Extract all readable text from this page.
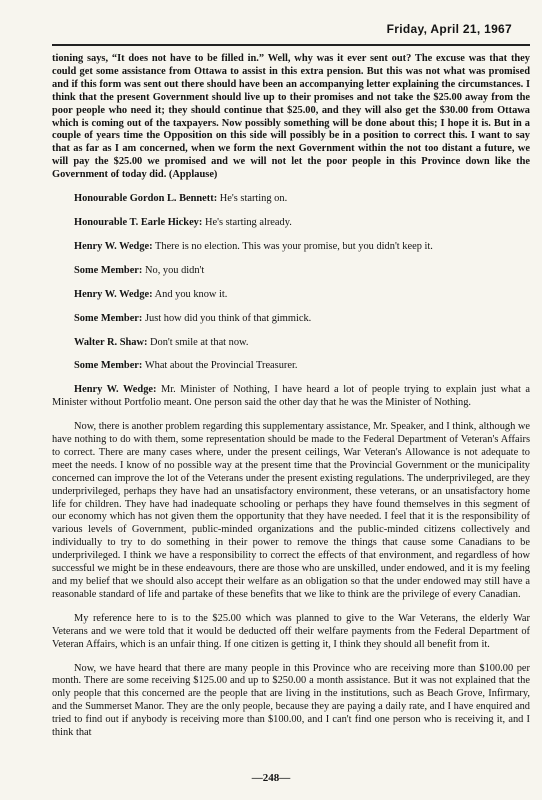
Friday, April 21, 1967

tioning says, “It does not have to be filled in.” Well, why was it ever sent out? The excuse was that they could get some assistance from Ottawa to assist in this extra pension. But this was not what was promised and if this form was sent out there should have been an accompanying letter explaining the circumstances. I think that the present Government should live up to their promises and not take the $25.00 away from the poor people who need it; they should continue that $25.00, and they will also get the $30.00 from Ottawa which is coming out of the taxpayers. Now possibly something will be done about this; I hope it is. But in a couple of years time the Opposition on this side will possibly be in a position to correct this. I want to say that as far as I am concerned, when we form the next Government within the not too distant a future, we will pay the $25.00 we promised and we will not let the poor people in this Province down like the Government of today did. (Applause)

Honourable Gordon L. Bennett: He's starting on.

Honourable T. Earle Hickey: He's starting already.

Henry W. Wedge: There is no election. This was your promise, but you didn't keep it.

Some Member: No, you didn't

Henry W. Wedge: And you know it.

Some Member: Just how did you think of that gimmick.

Walter R. Shaw: Don't smile at that now.

Some Member: What about the Provincial Treasurer.

Henry W. Wedge: Mr. Minister of Nothing, I have heard a lot of people trying to explain just what a Minister without Portfolio meant. One person said the other day that he was the Minister of Nothing.

Now, there is another problem regarding this supplementary assistance, Mr. Speaker, and I think, although we have nothing to do with them, some representation should be made to the Federal Department of Veteran's Affairs to correct. There are many cases where, under the present ceilings, War Veteran's Allowance is not adequate to meet the needs. I know of no possible way at the present time that the Provincial Government or the municipality concerned can improve the lot of the Veterans under the present existing regulations. The underprivileged, are they underprivileged, perhaps they have had an unsatisfactory environment, these veterans, or an unsatisfactory home life for children. They have had inadequate schooling or perhaps they have found themselves in this segment of our economy which has not given them the opportunity that they have needed. I feel that it is the responsibility of various levels of Government, public-minded organizations and the public-minded citizens collectively and individually to try to do something in their power to remove the things that cause some Canadians to be underprivileged. I think we have a responsibility to correct the effects of that environment, and regardless of how successful we might be in these endeavours, there are those who are unskilled, under endowed, and it is my feeling and my belief that we should also accept their welfare as an obligation so that the under endowed may still have a reasonable standard of life and partake of these benefits that we like to think are the privilege of every Canadian.

My reference here to is to the $25.00 which was planned to give to the War Veterans, the elderly War Veterans and we were told that it would be deducted off their welfare payments from the Federal Department of Veteran Affairs, which is an unfair thing. If one citizen is getting it, I think they should all benefit from it.

Now, we have heard that there are many people in this Province who are receiving more than $100.00 per month. There are some receiving $125.00 and up to $250.00 a month assistance. But it was not explained that the only people that this concerned are the people that are living in the institutions, such as Beach Grove, Infirmary, and the Summerset Manor. They are the only people, because they are paying a daily rate, and I have enquired and tried to find out if anybody is receiving more than $100.00, and I can't find one person who is receiving it, and I think that

—248—
